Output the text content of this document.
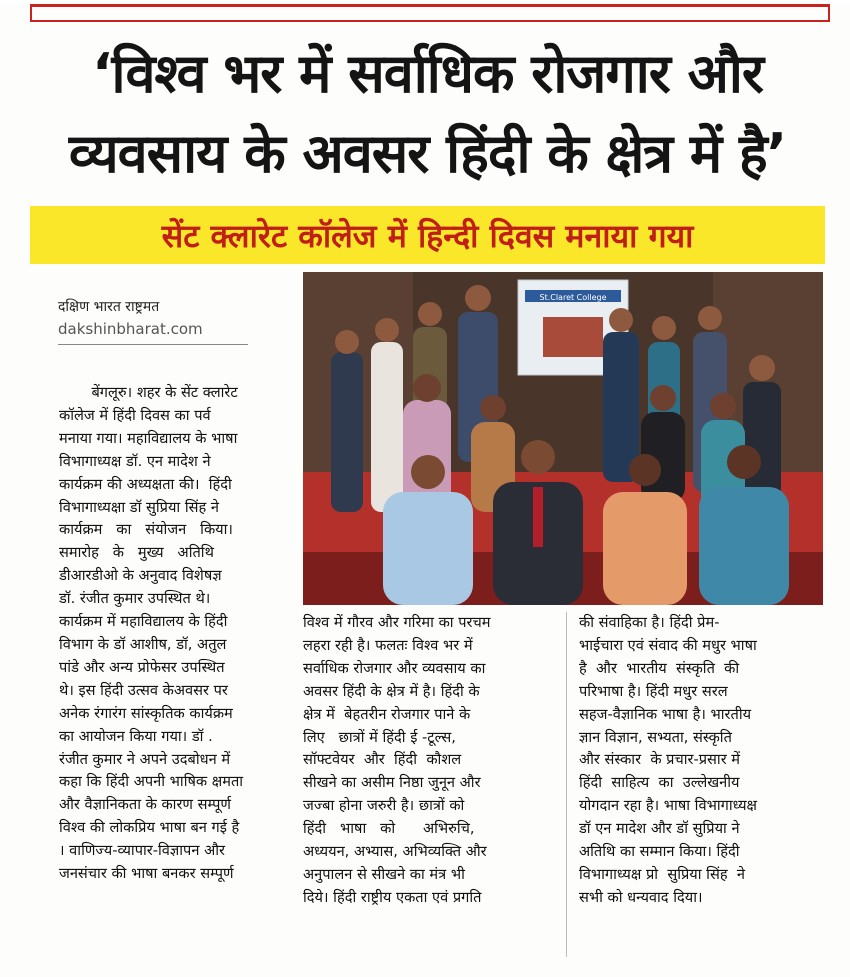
‘विश्व भर में सर्वाधिक रोजगार और
व्यवसाय के अवसर हिंदी के क्षेत्र में है’
सेंट क्लारेट कॉलेज में हिन्दी दिवस मनाया गया
दक्षिण भारत राष्ट्रमत
dakshinbharat.com
St.Claret College
बेंगलूरु। शहर के सेंट क्लारेट
कॉलेज में हिंदी दिवस का पर्व
मनाया गया। महाविद्यालय के भाषा
विभागाध्यक्ष डॉ. एन मादेश ने
कार्यक्रम की अध्यक्षता की।  हिंदी
विभागाध्यक्षा डॉ सुप्रिया सिंह ने
कार्यक्रम   का   संयोजन   किया।
समारोह   के   मुख्य   अतिथि
डीआरडीओ के अनुवाद विशेषज्ञ
डॉ. रंजीत कुमार उपस्थित थे।
कार्यक्रम में महाविद्यालय के हिंदी
विभाग के डॉ आशीष, डॉ, अतुल
पांडे और अन्य प्रोफेसर उपस्थित
थे। इस हिंदी उत्सव केअवसर पर
अनेक रंगारंग सांस्कृतिक कार्यक्रम
का आयोजन किया गया। डॉ .
रंजीत कुमार ने अपने उदबोधन में
कहा कि हिंदी अपनी भाषिक क्षमता
और वैज्ञानिकता के कारण सम्पूर्ण
विश्व की लोकप्रिय भाषा बन गई है
। वाणिज्य-व्यापार-विज्ञापन और
जनसंचार की भाषा बनकर सम्पूर्ण
विश्व में गौरव और गरिमा का परचम
लहरा रही है। फलतः विश्व भर में
सर्वाधिक रोजगार और व्यवसाय का
अवसर हिंदी के क्षेत्र में है। हिंदी के
क्षेत्र में  बेहतरीन रोजगार पाने के
लिए   छात्रों में हिंदी ई -टूल्स,
सॉफ्टवेयर  और  हिंदी  कौशल
सीखने का असीम निष्ठा जुनून और
जज्बा होना जरुरी है। छात्रों को
हिंदी   भाषा   को      अभिरुचि,
अध्ययन, अभ्यास, अभिव्यक्ति और
अनुपालन से सीखने का मंत्र भी
दिये। हिंदी राष्ट्रीय एकता एवं प्रगति
की संवाहिका है। हिंदी प्रेम-
भाईचारा एवं संवाद की मधुर भाषा
है  और  भारतीय  संस्कृति  की
परिभाषा है। हिंदी मधुर सरल
सहज-वैज्ञानिक भाषा है। भारतीय
ज्ञान विज्ञान, सभ्यता, संस्कृति
और संस्कार  के प्रचार-प्रसार में
हिंदी  साहित्य  का  उल्लेखनीय
योगदान रहा है। भाषा विभागाध्यक्ष
डॉ एन मादेश और डॉ सुप्रिया ने
अतिथि का सम्मान किया। हिंदी
विभागाध्यक्ष प्रो  सुप्रिया सिंह  ने
सभी को धन्यवाद दिया।
